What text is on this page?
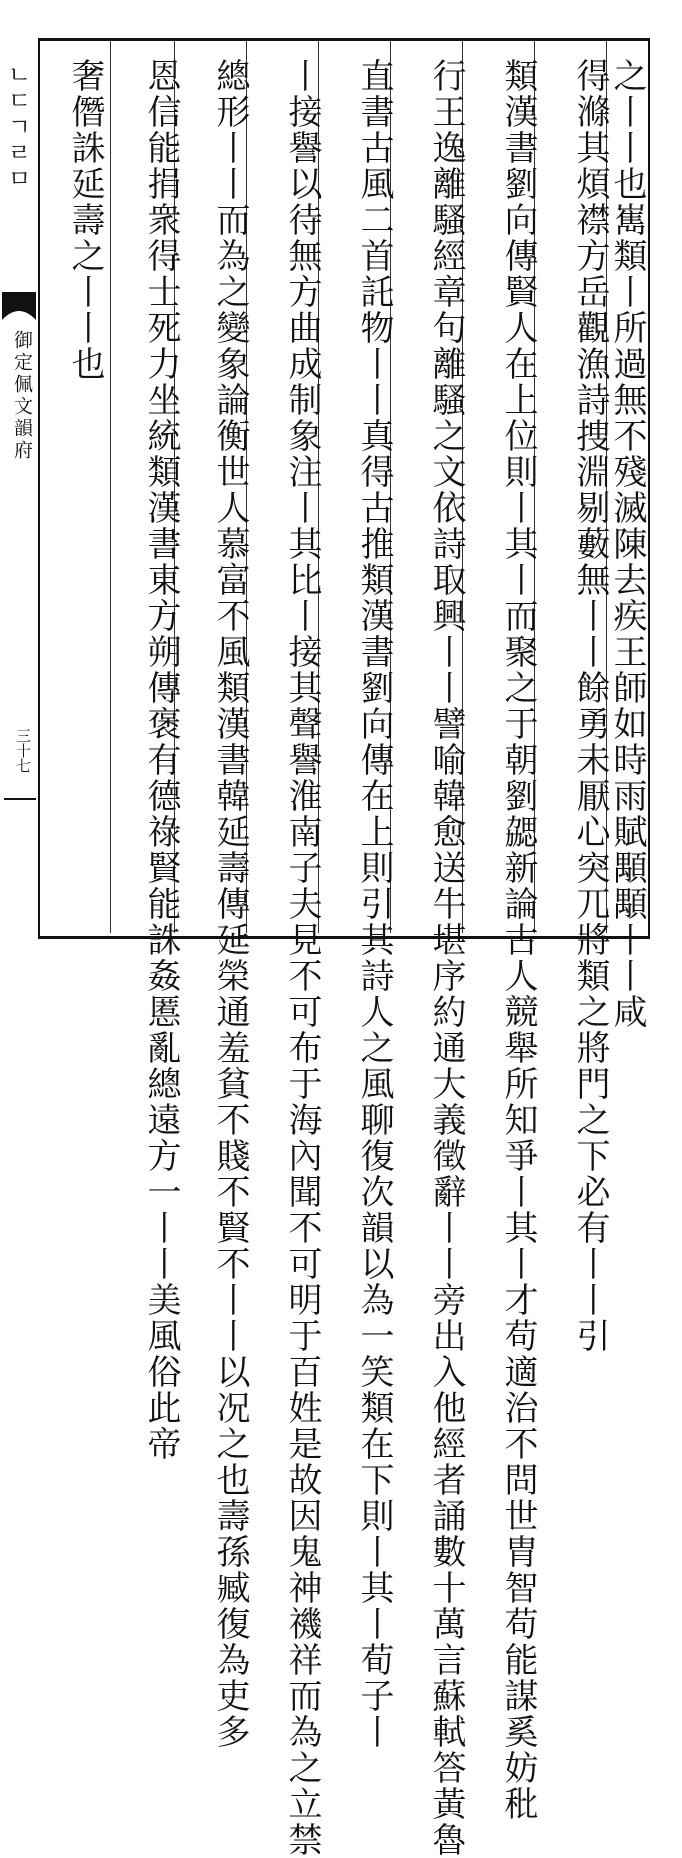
ㄴㄷㄱㄹㅁ
御定佩文韻府
三十七	之丨丨也嶲類丨所過無不殘滅陳去疾王師如時雨賦顒顒丨丨咸
得滌其煩襟方岳觀漁詩捜淵剔藪無丨丨餘勇未厭心突兀將類之將門之下必有丨丨引
類漢書劉向傳賢人在上位則丨其丨而聚之于朝劉勰新論古人競舉所知爭丨其丨才苟適治不問世胄智苟能謀奚妨秕
行王逸離騷經章句離騷之文依詩取興丨丨譬喻韓愈送牛堪序約通大義徵辭丨丨旁出入他經者誦數十萬言蘇軾答黃魯
直書古風二首託物丨丨真得古推類漢書劉向傳在上則引其詩人之風聊復次韻以為一笑類在下則丨其丨荀子丨
丨接譽以待無方曲成制象注丨其比丨接其聲譽淮南子夫見不可布于海內聞不可明于百姓是故因鬼神禨祥而為之立禁
總形丨丨而為之變象論衡世人慕富不風類漢書韓延壽傳延榮通羞貧不賤不賢不丨丨以况之也壽孫臧復為吏多
恩信能捐衆得士死力坐統類漢書東方朔傳褒有德祿賢能誅姦慝亂總遠方一丨丨美風俗此帝
奢僭誅延壽之丨丨也
